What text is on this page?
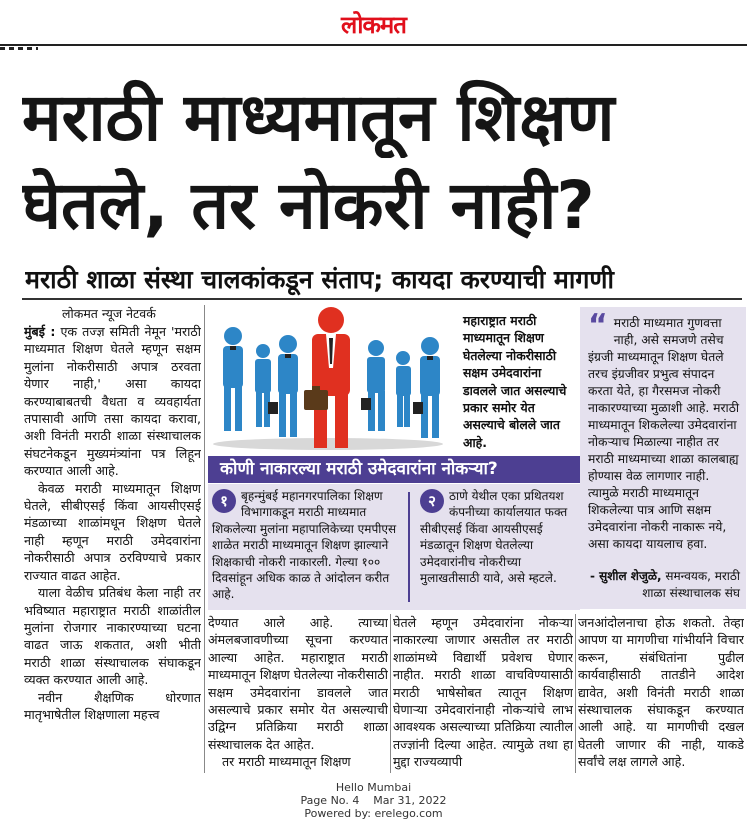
लोकमत
मराठी माध्यमातून शिक्षण
घेतले, तर नोकरी नाही?
मराठी शाळा संस्था चालकांकडून संताप; कायदा करण्याची मागणी
लोकमत न्यूज नेटवर्क

मुंबई : एक तज्ज्ञ समिती नेमून 'मराठी माध्यमात शिक्षण घेतले म्हणून सक्षम मुलांना नोकरीसाठी अपात्र ठरवता येणार नाही,' असा कायदा करण्याबाबतची वैधता व व्यवहार्यता तपासावी आणि तसा कायदा करावा, अशी विनंती मराठी शाळा संस्थाचालक संघटनेकडून मुख्यमंत्र्यांना पत्र लिहून करण्यात आली आहे.

केवळ मराठी माध्यमातून शिक्षण घेतले, सीबीएसई किंवा आयसीएसई मंडळाच्या शाळांमधून शिक्षण घेतले नाही म्हणून मराठी उमेदवारांना नोकरीसाठी अपात्र ठरविण्याचे प्रकार राज्यात वाढत आहेत.

याला वेळीच प्रतिबंध केला नाही तर भविष्यात महाराष्ट्रात मराठी शाळांतील मुलांना रोजगार नाकारण्याच्या घटना वाढत जाऊ शकतात, अशी भीती मराठी शाळा संस्थाचालक संघाकडून व्यक्त करण्यात आली आहे.

नवीन शैक्षणिक धोरणात मातृभाषेतील शिक्षणाला महत्त्व

महाराष्ट्रात मराठी माध्यमातून शिक्षण घेतलेल्या नोकरीसाठी सक्षम उमेदवारांना डावलले जात असल्याचे प्रकार समोर येत असल्याचे बोलले जात आहे.
“ मराठी माध्यमात गुणवत्ता नाही, असे समजणे तसेच इंग्रजी माध्यमातून शिक्षण घेतले तरच इंग्रजीवर प्रभुत्व संपादन करता येते, हा गैरसमज नोकरी नाकारण्याच्या मुळाशी आहे. मराठी माध्यमातून शिकलेल्या उमेदवारांना नोकऱ्याच मिळाल्या नाहीत तर मराठी माध्यमाच्या शाळा कालबाह्य होण्यास वेळ लागणार नाही. त्यामुळे मराठी माध्यमातून शिकलेल्या पात्र आणि सक्षम उमेदवारांना नोकरी नाकारू नये, असा कायदा यायलाच हवा.
- सुशील शेजुळे, समन्वयक, मराठी शाळा संस्थाचालक संघ
कोणी नाकारल्या मराठी उमेदवारांना नोकऱ्या?
१	बृहन्मुंबई महानगरपालिका शिक्षण विभागाकडून मराठी माध्यमात शिकलेल्या मुलांना महापालिकेच्या एमपीएस शाळेत मराठी माध्यमातून शिक्षण झाल्याने शिक्षकाची नोकरी नाकारली. गेल्या १०० दिवसांहून अधिक काळ ते आंदोलन करीत आहे.
२	ठाणे येथील एका प्रथितयश कंपनीच्या कार्यालयात फक्त सीबीएसई किंवा आयसीएसई मंडळातून शिक्षण घेतलेल्या उमेदवारांनीच नोकरीच्या मुलाखतीसाठी यावे, असे म्हटले.

देण्यात आले आहे. त्याच्या अंमलबजावणीच्या सूचना करण्यात आल्या आहेत. महाराष्ट्रात मराठी माध्यमातून शिक्षण घेतलेल्या नोकरीसाठी सक्षम उमेदवारांना डावलले जात असल्याचे प्रकार समोर येत असल्याची उद्विग्न प्रतिक्रिया मराठी शाळा संस्थाचालक देत आहेत.

तर मराठी माध्यमातून शिक्षण

घेतले म्हणून उमेदवारांना नोकऱ्या नाकारल्या जाणार असतील तर मराठी शाळांमध्ये विद्यार्थी प्रवेशच घेणार नाहीत. मराठी शाळा वाचविण्यासाठी मराठी भाषेसोबत त्यातून शिक्षण घेणाऱ्या उमेदवारांनाही नोकऱ्यांचे लाभ आवश्यक असल्याच्या प्रतिक्रिया त्यातील तज्ज्ञांनी दिल्या आहेत. त्यामुळे तथा हा मुद्दा राज्यव्यापी

जनआंदोलनाचा होऊ शकतो. तेव्हा आपण या मागणीचा गांभीर्याने विचार करून, संबंधितांना पुढील कार्यवाहीसाठी तातडीने आदेश द्यावेत, अशी विनंती मराठी शाळा संस्थाचालक संघाकडून करण्यात आली आहे. या मागणीची दखल घेतली जाणार की नाही, याकडे सर्वांचे लक्ष लागले आहे.

Hello Mumbai
Page No. 4    Mar 31, 2022
Powered by: erelego.com
